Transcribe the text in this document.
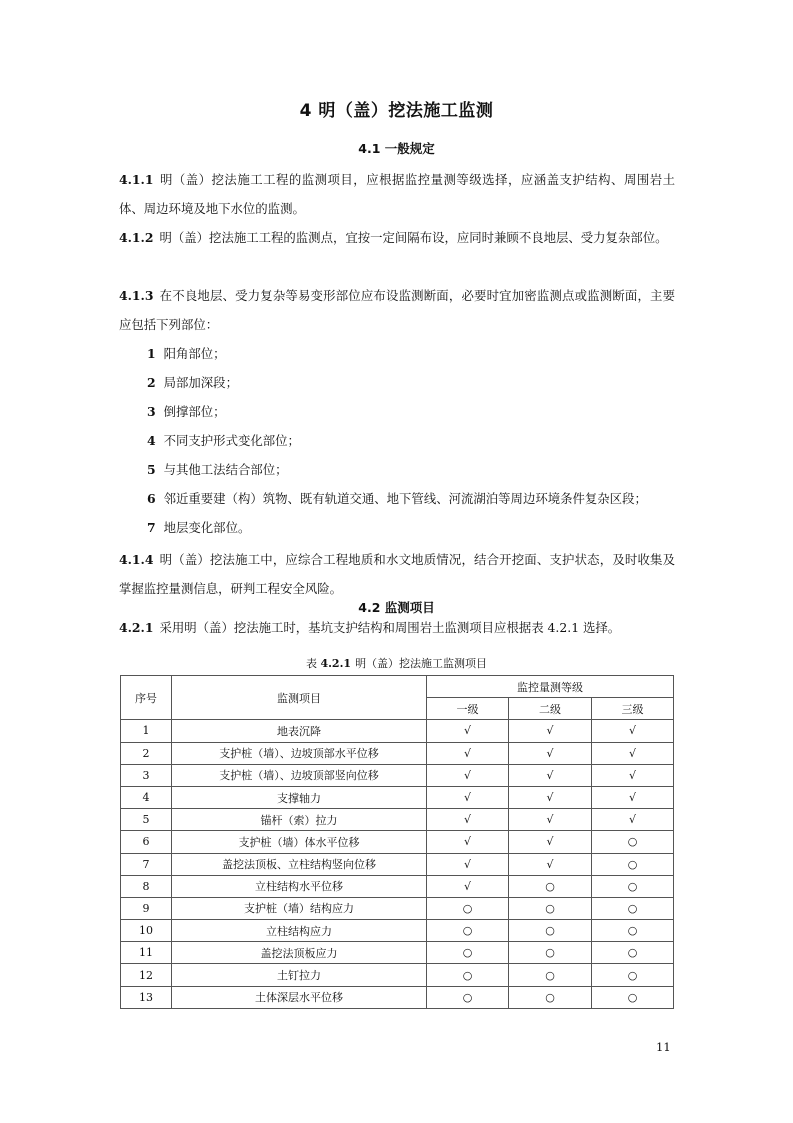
4 明（盖）挖法施工监测
4.1 一般规定
4.1.1 明（盖）挖法施工工程的监测项目，应根据监控量测等级选择，应涵盖支护结构、周围岩土体、周边环境及地下水位的监测。
4.1.2 明（盖）挖法施工工程的监测点，宜按一定间隔布设，应同时兼顾不良地层、受力复杂部位。
4.1.3 在不良地层、受力复杂等易变形部位应布设监测断面，必要时宜加密监测点或监测断面，主要应包括下列部位：
1 阳角部位；
2 局部加深段；
3 倒撑部位；
4 不同支护形式变化部位；
5 与其他工法结合部位；
6 邻近重要建（构）筑物、既有轨道交通、地下管线、河流湖泊等周边环境条件复杂区段；
7 地层变化部位。
4.1.4 明（盖）挖法施工中，应综合工程地质和水文地质情况，结合开挖面、支护状态，及时收集及掌握监控量测信息，研判工程安全风险。
4.2 监测项目
4.2.1 采用明（盖）挖法施工时，基坑支护结构和周围岩土监测项目应根据表 4.2.1 选择。
表 4.2.1 明（盖）挖法施工监测项目
序号	监测项目	监控量测等级		
		一级	二级	三级
1	地表沉降	√	√	√
2	支护桩（墙）、边坡顶部水平位移	√	√	√
3	支护桩（墙）、边坡顶部竖向位移	√	√	√
4	支撑轴力	√	√	√
5	锚杆（索）拉力	√	√	√
6	支护桩（墙）体水平位移	√	√	○
7	盖挖法顶板、立柱结构竖向位移	√	√	○
8	立柱结构水平位移	√	○	○
9	支护桩（墙）结构应力	○	○	○
10	立柱结构应力	○	○	○
11	盖挖法顶板应力	○	○	○
12	土钉拉力	○	○	○
13	土体深层水平位移	○	○	○
11
